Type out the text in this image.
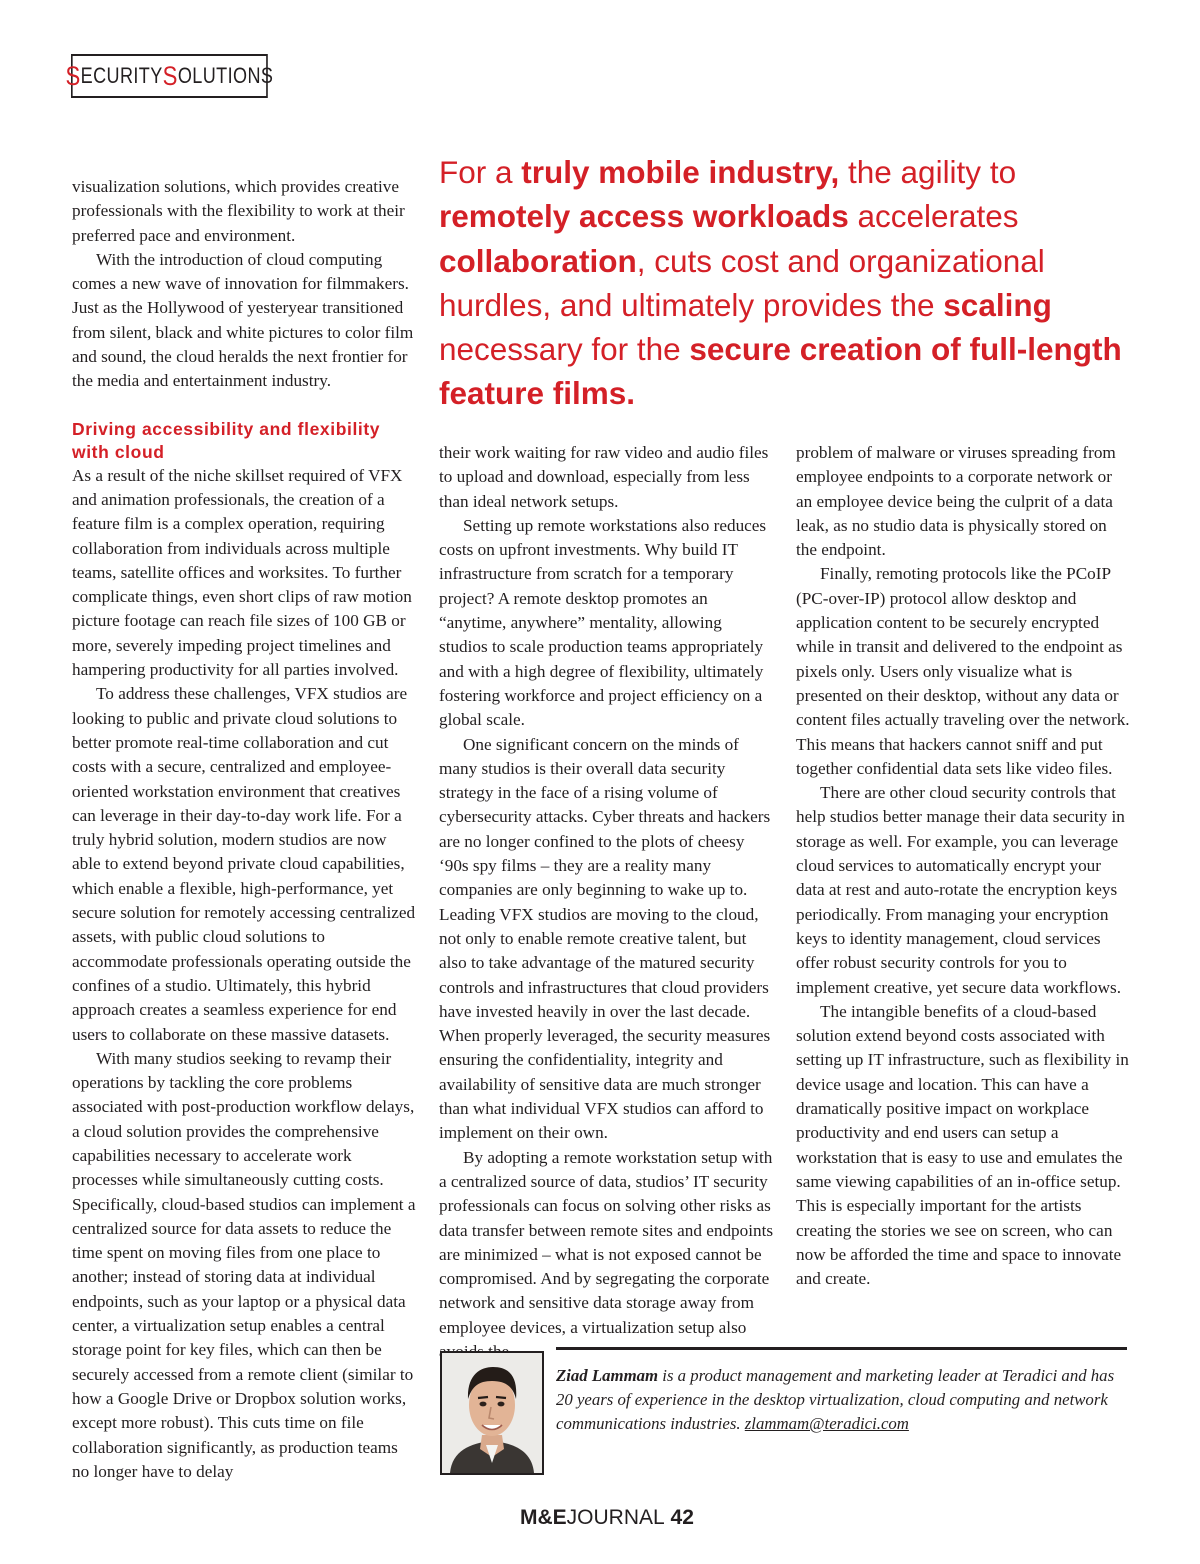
S ECURITY S OLUTIONS
For a truly mobile industry, the agility to remotely access workloads accelerates collaboration, cuts cost and organizational hurdles, and ultimately provides the scaling necessary for the secure creation of full-length feature films.

visualization solutions, which provides creative professionals with the flexibility to work at their preferred pace and environment.

With the introduction of cloud computing comes a new wave of innovation for filmmakers. Just as the Hollywood of yesteryear transitioned from silent, black and white pictures to color film and sound, the cloud heralds the next frontier for the media and entertainment industry.

Driving accessibility and flexibility with cloud

As a result of the niche skillset required of VFX and animation professionals, the creation of a feature film is a complex operation, requiring collaboration from individuals across multiple teams, satellite offices and worksites. To further complicate things, even short clips of raw motion picture footage can reach file sizes of 100 GB or more, severely impeding project timelines and hampering productivity for all parties involved.

To address these challenges, VFX studios are looking to public and private cloud solutions to better promote real-time collaboration and cut costs with a secure, centralized and employee-oriented workstation environment that creatives can leverage in their day-to-day work life. For a truly hybrid solution, modern studios are now able to extend beyond private cloud capabilities, which enable a flexible, high-performance, yet secure solution for remotely accessing centralized assets, with public cloud solutions to accommodate professionals operating outside the confines of a studio. Ultimately, this hybrid approach creates a seamless experience for end users to collaborate on these massive datasets.

With many studios seeking to revamp their operations by tackling the core problems associated with post-production workflow delays, a cloud solution provides the comprehensive capabilities necessary to accelerate work processes while simultaneously cutting costs. Specifically, cloud-based studios can implement a centralized source for data assets to reduce the time spent on moving files from one place to another; instead of storing data at individual endpoints, such as your laptop or a physical data center, a virtualization setup enables a central storage point for key files, which can then be securely accessed from a remote client (similar to how a Google Drive or Dropbox solution works, except more robust). This cuts time on file collaboration significantly, as production teams no longer have to delay

their work waiting for raw video and audio files to upload and download, especially from less than ideal network setups.

Setting up remote workstations also reduces costs on upfront investments. Why build IT infrastructure from scratch for a temporary project? A remote desktop promotes an “anytime, anywhere” mentality, allowing studios to scale production teams appropriately and with a high degree of flexibility, ultimately fostering workforce and project efficiency on a global scale.

One significant concern on the minds of many studios is their overall data security strategy in the face of a rising volume of cybersecurity attacks. Cyber threats and hackers are no longer confined to the plots of cheesy ‘90s spy films – they are a reality many companies are only beginning to wake up to. Leading VFX studios are moving to the cloud, not only to enable remote creative talent, but also to take advantage of the matured security controls and infrastructures that cloud providers have invested heavily in over the last decade. When properly leveraged, the security measures ensuring the confidentiality, integrity and availability of sensitive data are much stronger than what individual VFX studios can afford to implement on their own.

By adopting a remote workstation setup with a centralized source of data, studios’ IT security professionals can focus on solving other risks as data transfer between remote sites and endpoints are minimized – what is not exposed cannot be compromised. And by segregating the corporate network and sensitive data storage away from employee devices, a virtualization setup also

problem of malware or viruses spreading from employee endpoints to a corporate network or an employee device being the culprit of a data leak, as no studio data is physically stored on the endpoint.

Finally, remoting protocols like the PCoIP (PC-over-IP) protocol allow desktop and application content to be securely encrypted while in transit and delivered to the endpoint as pixels only. Users only visualize what is presented on their desktop, without any data or content files actually traveling over the network. This means that hackers cannot sniff and put together confidential data sets like video files.

There are other cloud security controls that help studios better manage their data security in storage as well. For example, you can leverage cloud services to automatically encrypt your data at rest and auto-rotate the encryption keys periodically. From managing your encryption keys to identity management, cloud services offer robust security controls for you to implement creative, yet secure data workflows.

The intangible benefits of a cloud-based solution extend beyond costs associated with setting up IT infrastructure, such as flexibility in device usage and location. This can have a dramatically positive impact on workplace productivity and end users can setup a workstation that is easy to use and emulates the same viewing capabilities of an in-office setup. This is especially important for the artists creating the stories we see on screen, who can now be afforded the time and space to innovate and create.

Ziad Lammam is a product management and marketing leader at Teradici and has 20 years of experience in the desktop virtualization, cloud computing and network communications industries. zlammam@teradici.com
M&EJOURNAL 42
